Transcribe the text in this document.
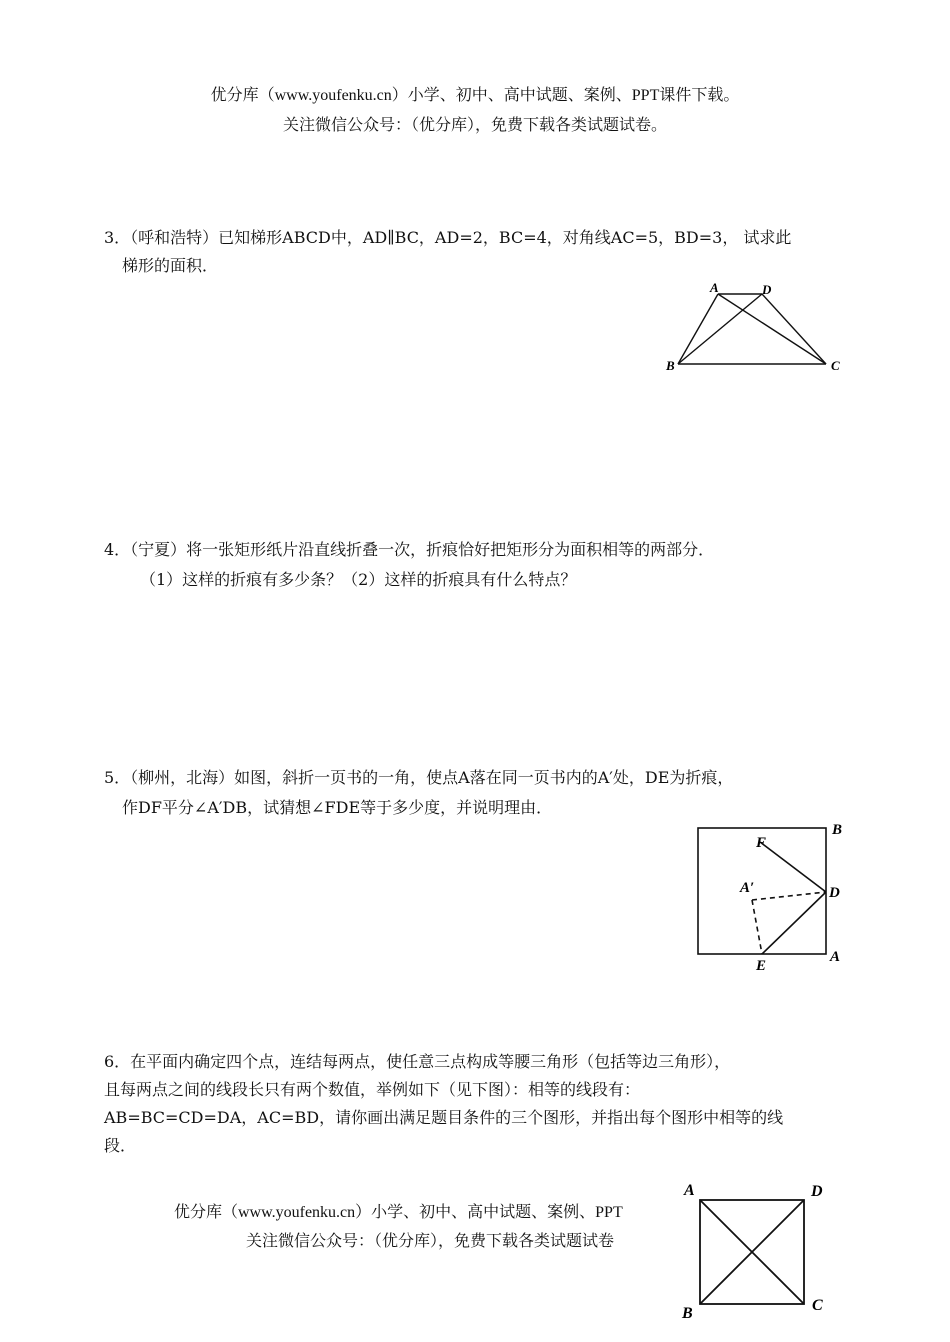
优分库（www.youfenku.cn）小学、初中、高中试题、案例、PPT课件下载。
关注微信公众号：（优分库），免费下载各类试题试卷。
3．（呼和浩特）已知梯形ABCD中，AD∥BC，AD=2，BC=4，对角线AC=5，BD=3， 试求此
梯形的面积．
A	D
B	C
4．（宁夏）将一张矩形纸片沿直线折叠一次，折痕恰好把矩形分为面积相等的两部分．
（1）这样的折痕有多少条？（2）这样的折痕具有什么特点？
5．（柳州，北海）如图，斜折一页书的一角，使点A落在同一页书内的A′处，DE为折痕，
作DF平分∠A′DB，试猜想∠FDE等于多少度，并说明理由．
B
F
A′	D
E
A
6．在平面内确定四个点，连结每两点，使任意三点构成等腰三角形（包括等边三角形），
且每两点之间的线段长只有两个数值，举例如下（见下图）：相等的线段有：
AB=BC=CD=DA，AC=BD，请你画出满足题目条件的三个图形，并指出每个图形中相等的线
段．
优分库（www.youfenku.cn）小学、初中、高中试题、案例、PPT
关注微信公众号：（优分库），免费下载各类试题试卷
A	D
B	C
